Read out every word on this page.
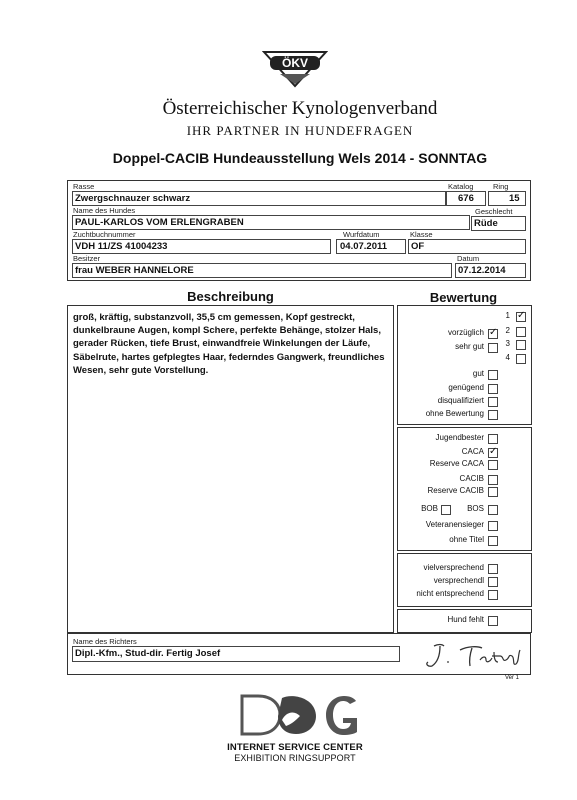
ÖKV
Österreichischer Kynologenverband
IHR PARTNER IN HUNDEFRAGEN
Doppel-CACIB Hundeausstellung Wels 2014 - SONNTAG
Rasse
Zwergschnauzer schwarz
Katalog
676
Ring
15
Name des Hundes
PAUL-KARLOS VOM ERLENGRABEN
Geschlecht
Rüde
Zuchtbuchnummer
VDH 11/ZS 41004233
Wurfdatum
04.07.2011
Klasse
OF
Besitzer
frau WEBER HANNELORE
Datum
07.12.2014
Beschreibung	Bewertung
groß, kräftig, substanzvoll, 35,5 cm gemessen, Kopf gestreckt, dunkelbraune Augen, kompl Schere, perfekte Behänge, stolzer Hals, gerader Rücken, tiefe Brust, einwandfreie Winkelungen der Läufe, Säbelrute, hartes gefplegtes Haar, federndes Gangwerk, freundliches Wesen, sehr gute Vorstellung.
1
✓
2
3
4
vorzüglich
✓
sehr gut
gut
genügend
disqualifiziert
ohne Bewertung
Jugendbester
CACA
✓
Reserve CACA
CACIB
Reserve CACIB
BOB	BOS
Veteranensieger
ohne Titel
vielversprechend
versprechendl
nicht entsprechend
Hund fehlt
Name des Richters
Dipl.-Kfm., Stud-dir. Fertig Josef
Ver 1
INTERNET SERVICE CENTER
EXHIBITION RINGSUPPORT
